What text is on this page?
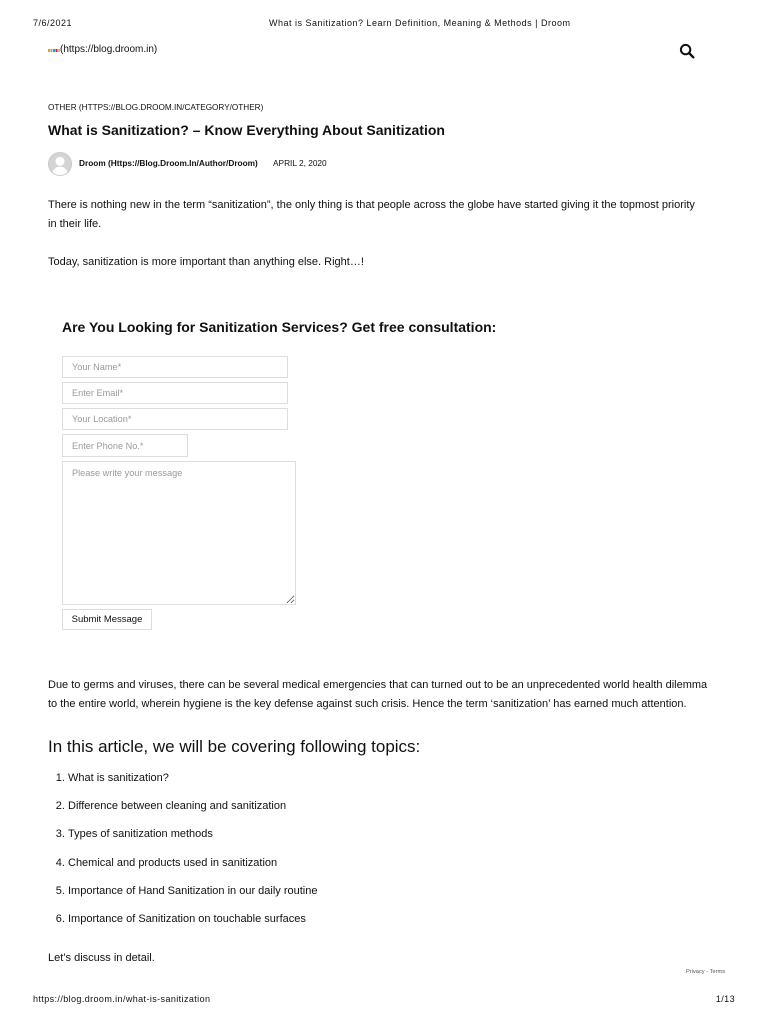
7/6/2021	What is Sanitization? Learn Definition, Meaning & Methods | Droom
(https://blog.droom.in)
OTHER (HTTPS://BLOG.DROOM.IN/CATEGORY/OTHER)
What is Sanitization? – Know Everything About Sanitization
Droom (Https://Blog.Droom.In/Author/Droom) APRIL 2, 2020

There is nothing new in the term “sanitization”, the only thing is that people across the globe have started giving it the topmost priority in their life.

Today, sanitization is more important than anything else. Right…!

Are You Looking for Sanitization Services? Get free consultation:
Your Name*
Enter Email*
Your Location*
Enter Phone No.*
Please write your message
Submit Message

Due to germs and viruses, there can be several medical emergencies that can turned out to be an unprecedented world health dilemma to the entire world, wherein hygiene is the key defense against such crisis. Hence the term ‘sanitization’ has earned much attention.

In this article, we will be covering following topics:
1. What is sanitization?
2. Difference between cleaning and sanitization
3. Types of sanitization methods
4. Chemical and products used in sanitization
5. Importance of Hand Sanitization in our daily routine
6. Importance of Sanitization on touchable surfaces

Let’s discuss in detail.

Privacy - Terms
https://blog.droom.in/what-is-sanitization	1/13
